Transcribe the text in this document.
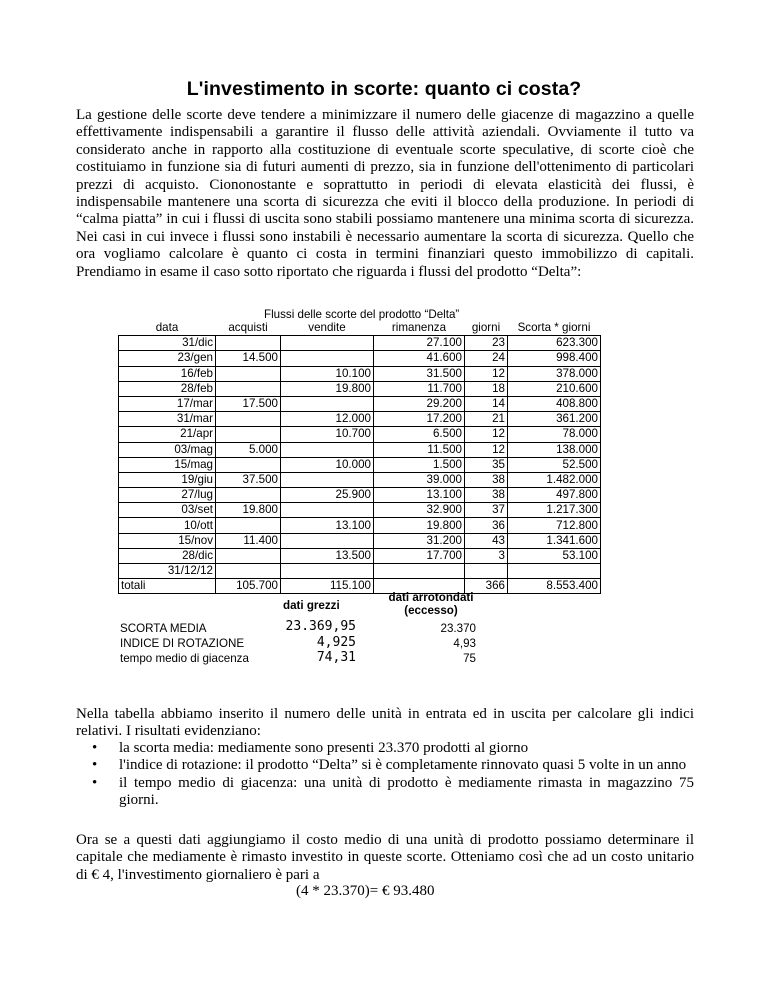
L'investimento in scorte: quanto ci costa?

La gestione delle scorte deve tendere a minimizzare il numero delle giacenze di magazzino a quelle effettivamente indispensabili a garantire il flusso delle attività aziendali. Ovviamente il tutto va considerato anche in rapporto alla costituzione di eventuale scorte speculative, di scorte cioè che costituiamo in funzione sia di futuri aumenti di prezzo, sia in funzione dell'ottenimento di particolari prezzi di acquisto. Ciononostante e soprattutto in periodi di elevata elasticità dei flussi, è indispensabile mantenere una scorta di sicurezza che eviti il blocco della produzione. In periodi di “calma piatta” in cui i flussi di uscita sono stabili possiamo mantenere una minima scorta di sicurezza. Nei casi in cui invece i flussi sono instabili è necessario aumentare la scorta di sicurezza. Quello che ora vogliamo calcolare è quanto ci costa in termini finanziari questo immobilizzo di capitali. Prendiamo in esame il caso sotto riportato che riguarda i flussi del prodotto “Delta”:

Flussi delle scorte del prodotto “Delta”
data	acquisti	vendite	rimanenza	giorni	Scorta * giorni
31/dic			27.100	23	623.300
23/gen	14.500		41.600	24	998.400
16/feb		10.100	31.500	12	378.000
28/feb		19.800	11.700	18	210.600
17/mar	17.500		29.200	14	408.800
31/mar		12.000	17.200	21	361.200
21/apr		10.700	6.500	12	78.000
03/mag	5.000		11.500	12	138.000
15/mag		10.000	1.500	35	52.500
19/giu	37.500		39.000	38	1.482.000
27/lug		25.900	13.100	38	497.800
03/set	19.800		32.900	37	1.217.300
10/ott		13.100	19.800	36	712.800
15/nov	11.400		31.200	43	1.341.600
28/dic		13.500	17.700	3	53.100
31/12/12					
totali	105.700	115.100		366	8.553.400
dati grezzi
dati arrotondati
(eccesso)
SCORTA MEDIA	23.369,95	23.370
INDICE DI ROTAZIONE	4,925	4,93
tempo medio di giacenza	74,31	75

Nella tabella abbiamo inserito il numero delle unità in entrata ed in uscita per calcolare gli indici relativi. I risultati evidenziano:

• la scorta media: mediamente sono presenti 23.370 prodotti al giorno
• l'indice di rotazione: il prodotto “Delta” si è completamente rinnovato quasi 5 volte in un anno
• il tempo medio di giacenza: una unità di prodotto è mediamente rimasta in magazzino 75 giorni.

Ora se a questi dati aggiungiamo il costo medio di una unità di prodotto possiamo determinare il capitale che mediamente è rimasto investito in queste scorte. Otteniamo così che ad un costo unitario di € 4, l'investimento giornaliero è pari a

(4 * 23.370)= € 93.480
